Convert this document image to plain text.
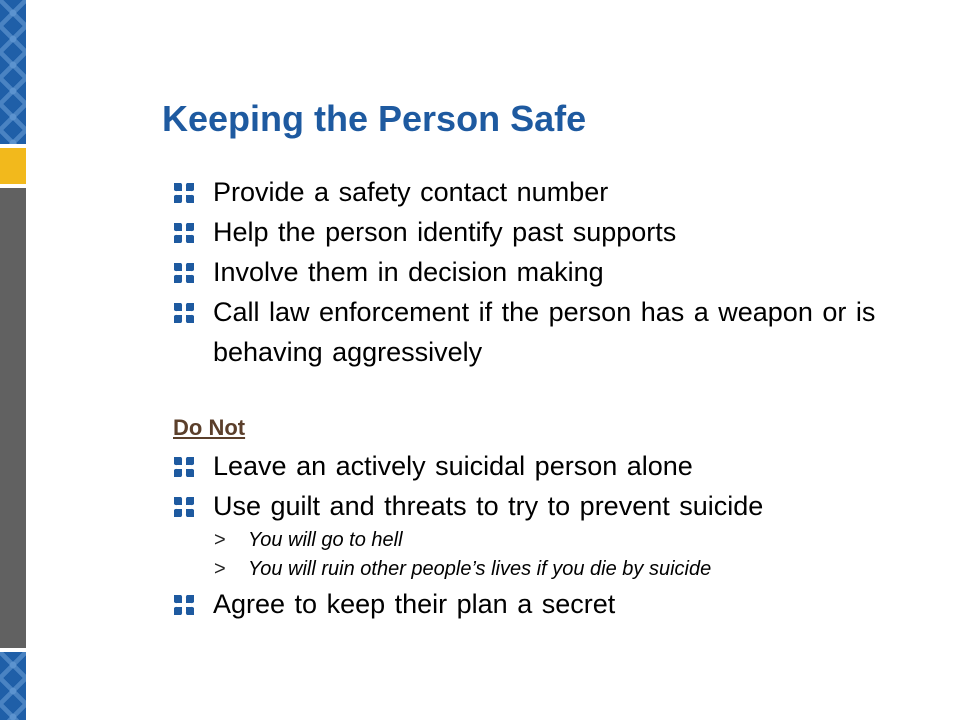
Keeping the Person Safe
Provide a safety contact number
Help the person identify past supports
Involve them in decision making
Call law enforcement if the person has a weapon or is behaving aggressively
Do Not
Leave an actively suicidal person alone
Use guilt and threats to try to prevent suicide
> You will go to hell
> You will ruin other people’s lives if you die by suicide
Agree to keep their plan a secret
